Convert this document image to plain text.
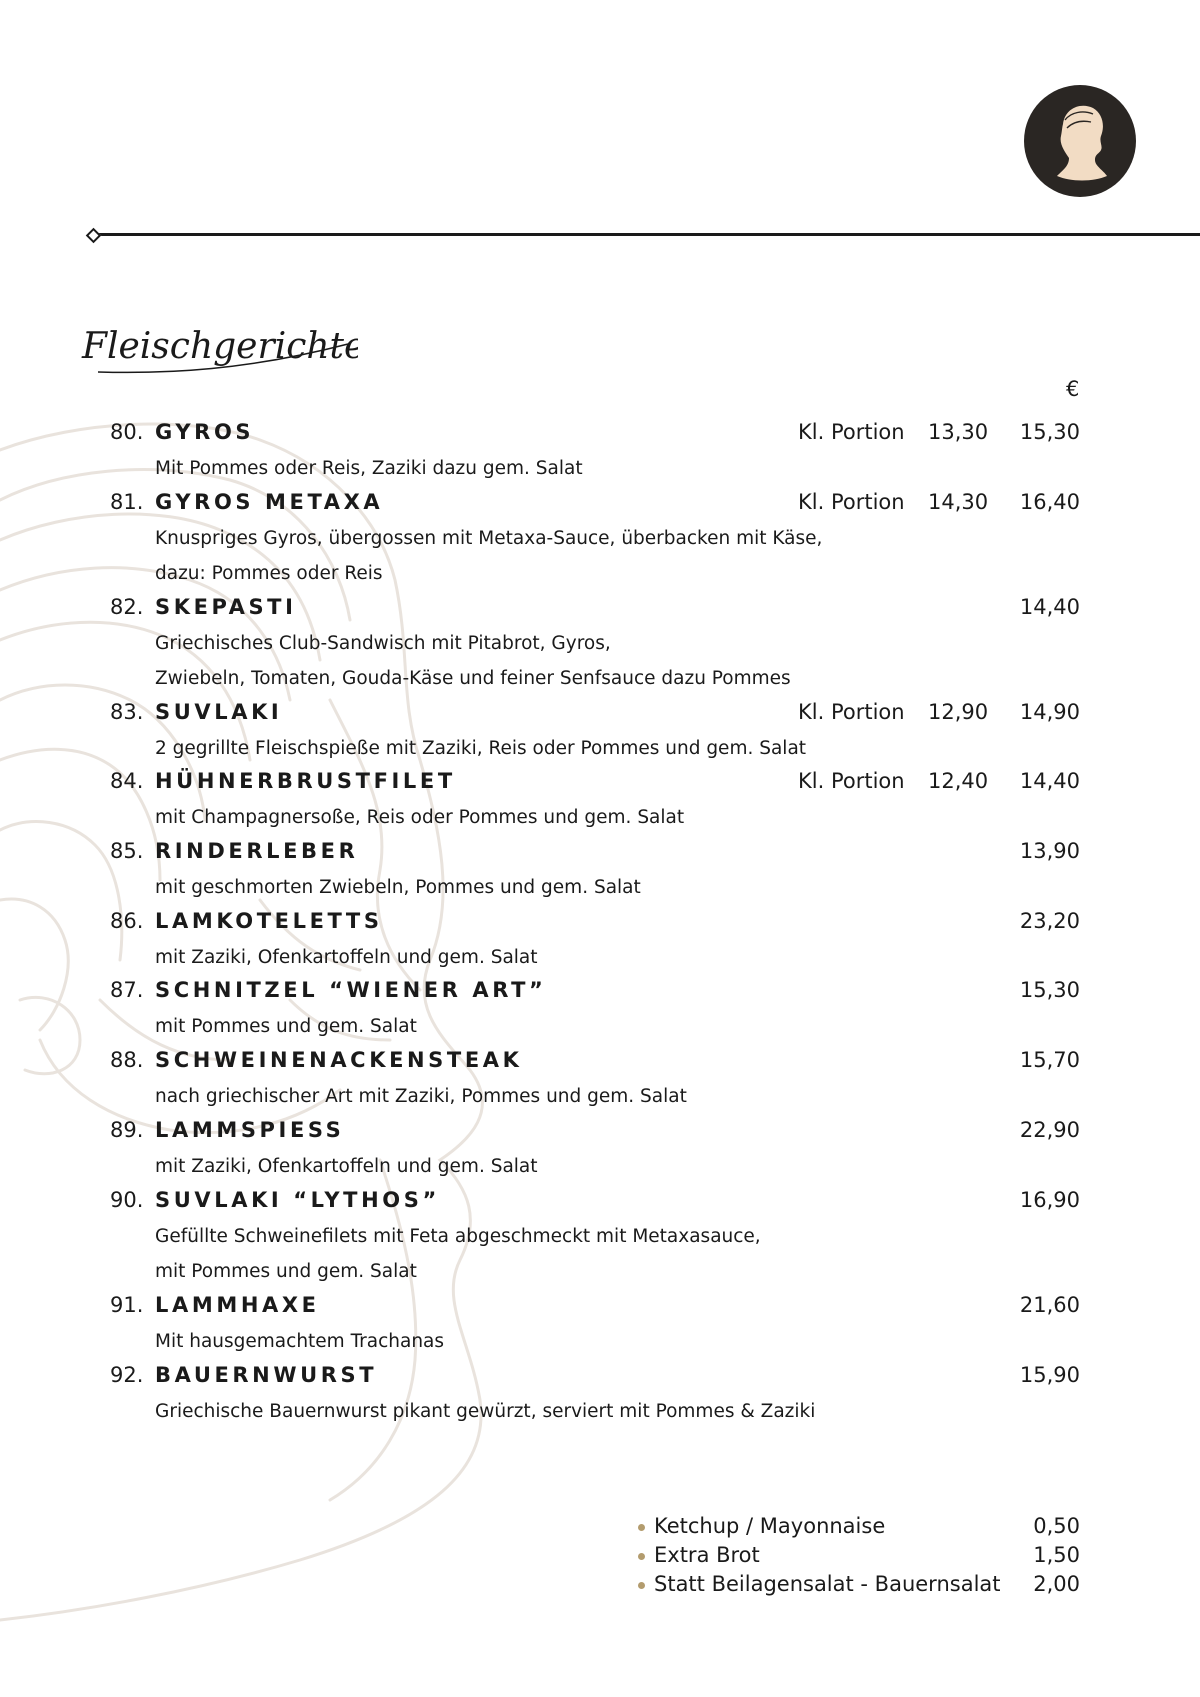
Fleischgerichte
€
80. GYROS	Kl. Portion 13,30 15,30
Mit Pommes oder Reis, Zaziki dazu gem. Salat
81. GYROS METAXA	Kl. Portion 14,30 16,40
Knuspriges Gyros, übergossen mit Metaxa-Sauce, überbacken mit Käse,
dazu: Pommes oder Reis
82. SKEPASTI	14,40
Griechisches Club-Sandwisch mit Pitabrot, Gyros,
Zwiebeln, Tomaten, Gouda-Käse und feiner Senfsauce dazu Pommes
83. SUVLAKI	Kl. Portion 12,90 14,90
2 gegrillte Fleischspieße mit Zaziki, Reis oder Pommes und gem. Salat
84. HÜHNERBRUSTFILET	Kl. Portion 12,40 14,40
mit Champagnersoße, Reis oder Pommes und gem. Salat
85. RINDERLEBER	13,90
mit geschmorten Zwiebeln, Pommes und gem. Salat
86. LAMKOTELETTS	23,20
mit Zaziki, Ofenkartoffeln und gem. Salat
87. SCHNITZEL “WIENER ART”	15,30
mit Pommes und gem. Salat
88. SCHWEINENACKENSTEAK	15,70
nach griechischer Art mit Zaziki, Pommes und gem. Salat
89. LAMMSPIESS	22,90
mit Zaziki, Ofenkartoffeln und gem. Salat
90. SUVLAKI “LYTHOS”	16,90
Gefüllte Schweinefilets mit Feta abgeschmeckt mit Metaxasauce,
mit Pommes und gem. Salat
91. LAMMHAXE	21,60
Mit hausgemachtem Trachanas
92. BAUERNWURST	15,90
Griechische Bauernwurst pikant gewürzt, serviert mit Pommes & Zaziki
Ketchup / Mayonnaise	0,50
Extra Brot	1,50
Statt Beilagensalat - Bauernsalat 2,00
